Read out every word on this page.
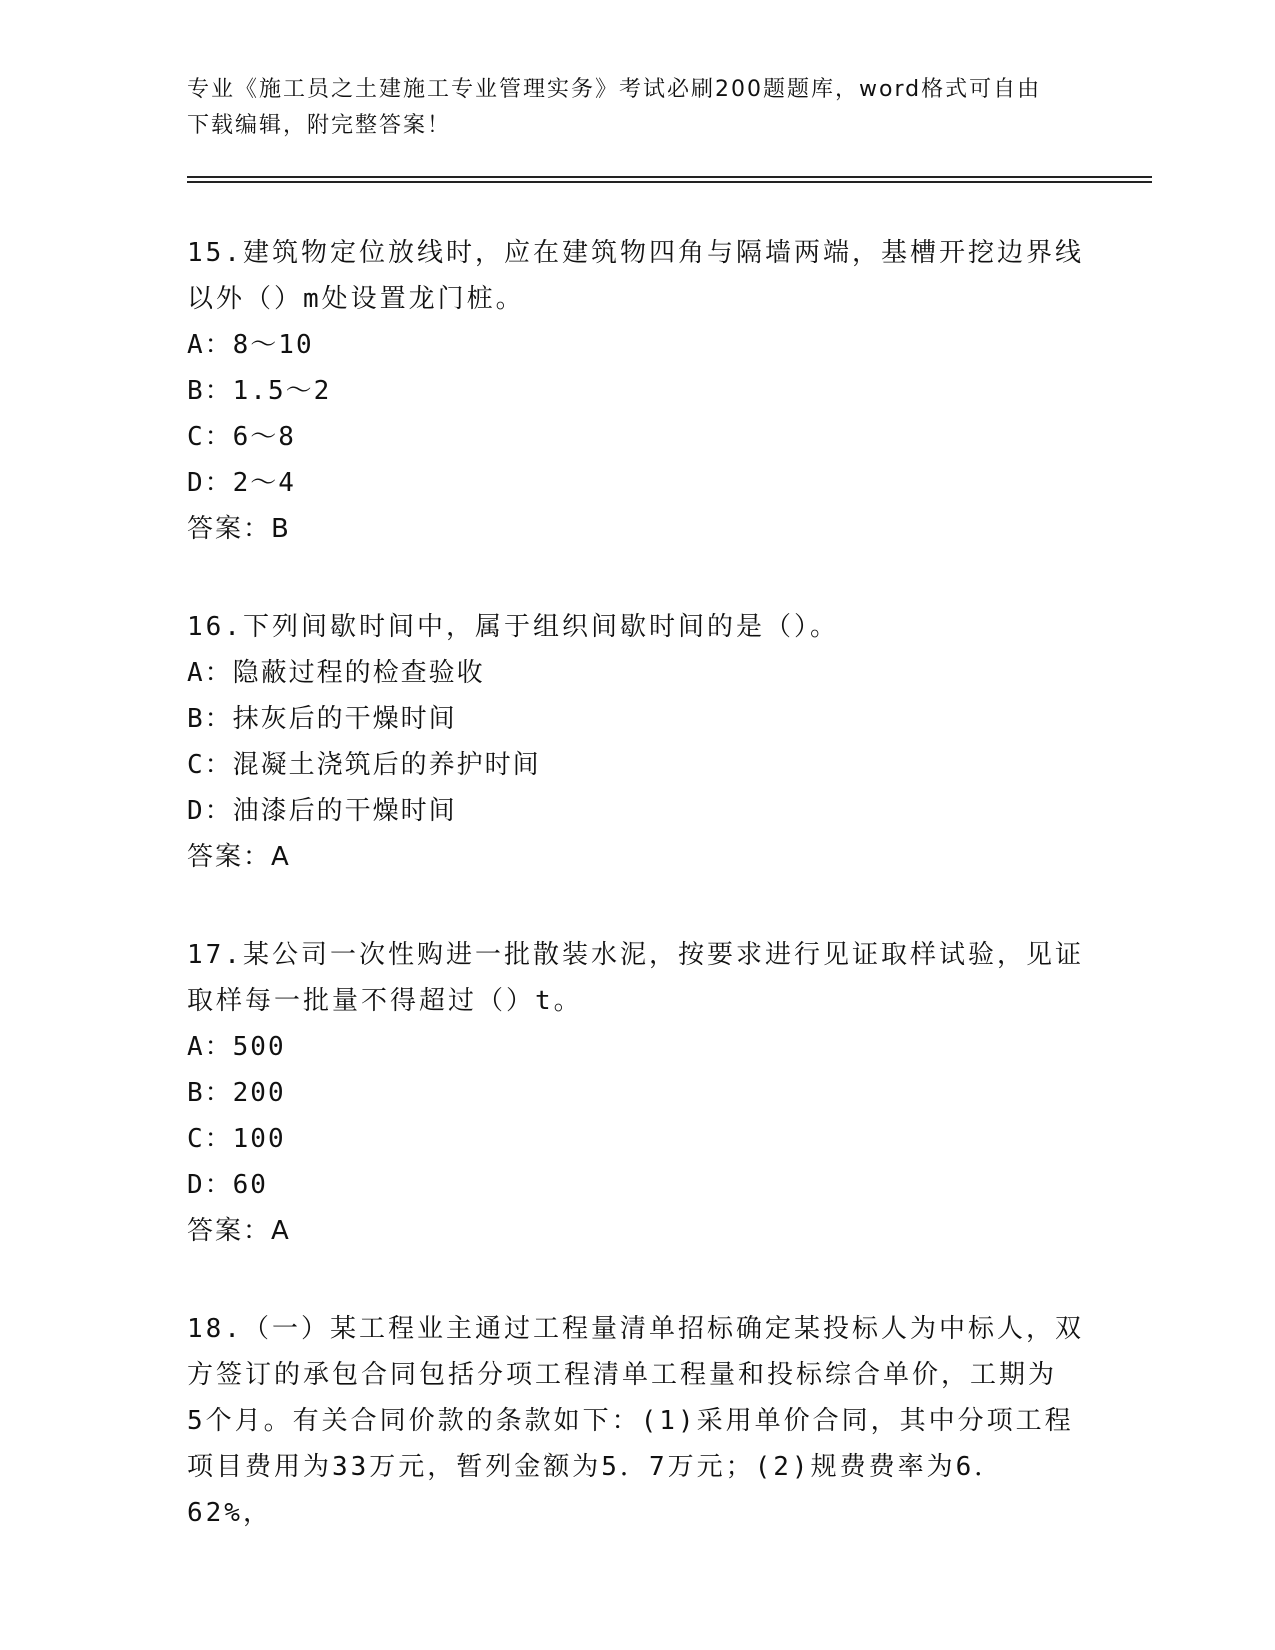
专业《施工员之土建施工专业管理实务》考试必刷200题题库，word格式可自由
下载编辑，附完整答案！
15.建筑物定位放线时，应在建筑物四角与隔墙两端，基槽开挖边界线
以外（）m处设置龙门桩。
A：8～10
B：1.5～2
C：6～8
D：2～4
答案：B
16.下列间歇时间中，属于组织间歇时间的是（）。
A：隐蔽过程的检查验收
B：抹灰后的干燥时间
C：混凝土浇筑后的养护时间
D：油漆后的干燥时间
答案：A
17.某公司一次性购进一批散装水泥，按要求进行见证取样试验，见证
取样每一批量不得超过（）t。
A：500
B：200
C：100
D：60
答案：A
18.（一）某工程业主通过工程量清单招标确定某投标人为中标人，双
方签订的承包合同包括分项工程清单工程量和投标综合单价，工期为
5个月。有关合同价款的条款如下：(1)采用单价合同，其中分项工程
项目费用为33万元，暂列金额为5．7万元；(2)规费费率为6．62%，
